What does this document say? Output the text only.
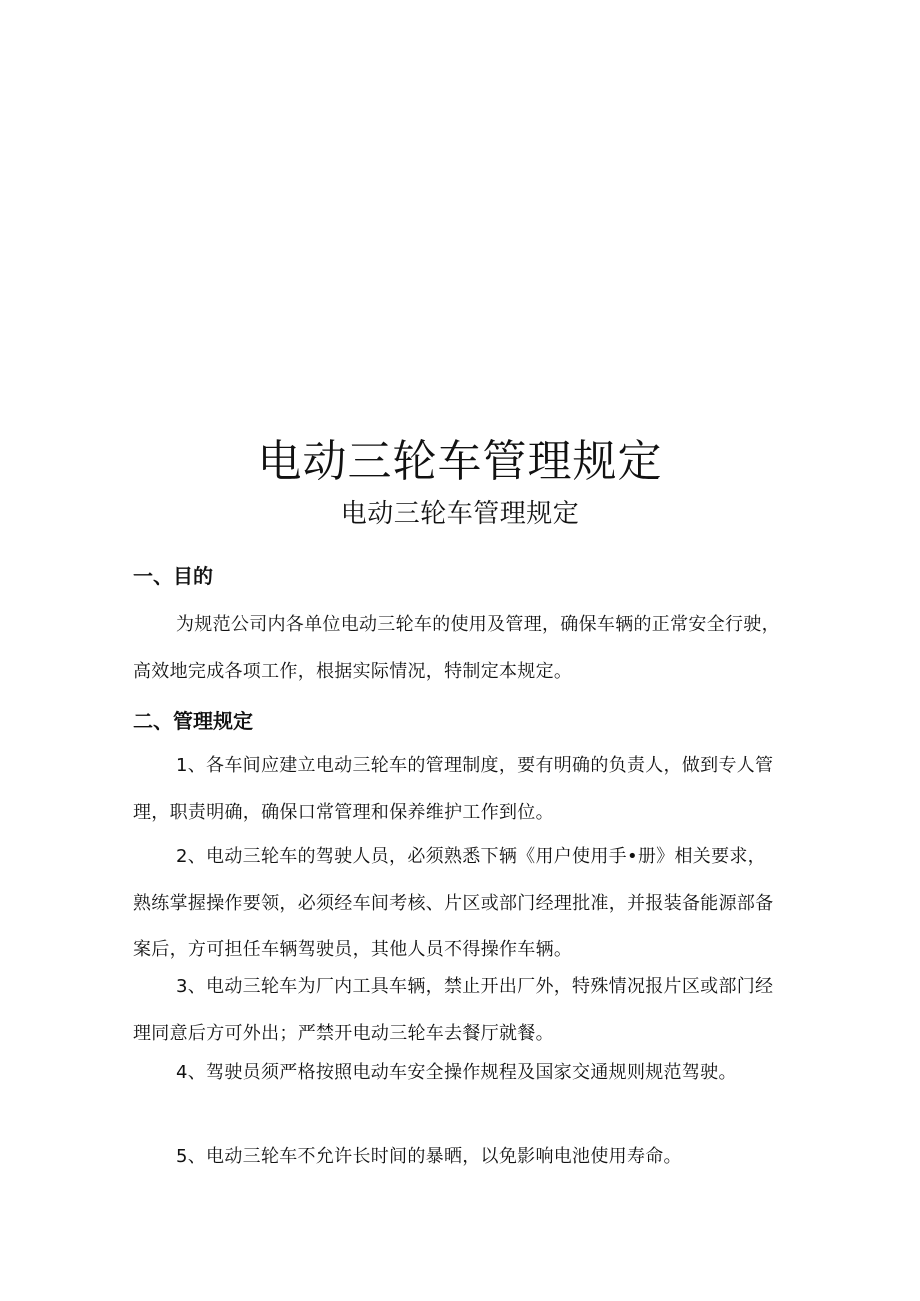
电动三轮车管理规定
电动三轮车管理规定
一、目的

为规范公司内各单位电动三轮车的使用及管理，确保车辆的正常安全行驶，高效地完成各项工作，根据实际情况，特制定本规定。

二、管理规定

1、各车间应建立电动三轮车的管理制度，要有明确的负责人，做到专人管理，职责明确，确保口常管理和保养维护工作到位。

2、电动三轮车的驾驶人员，必须熟悉下辆《用户使用手•册》相关要求，熟练掌握操作要领，必须经车间考核、片区或部门经理批准，并报装备能源部备案后，方可担任车辆驾驶员，其他人员不得操作车辆。

3、电动三轮车为厂内工具车辆，禁止开出厂外，特殊情况报片区或部门经理同意后方可外出；严禁开电动三轮车去餐厅就餐。

4、驾驶员须严格按照电动车安全操作规程及国家交通规则规范驾驶。

5、电动三轮车不允许长时间的暴晒，以免影响电池使用寿命。
